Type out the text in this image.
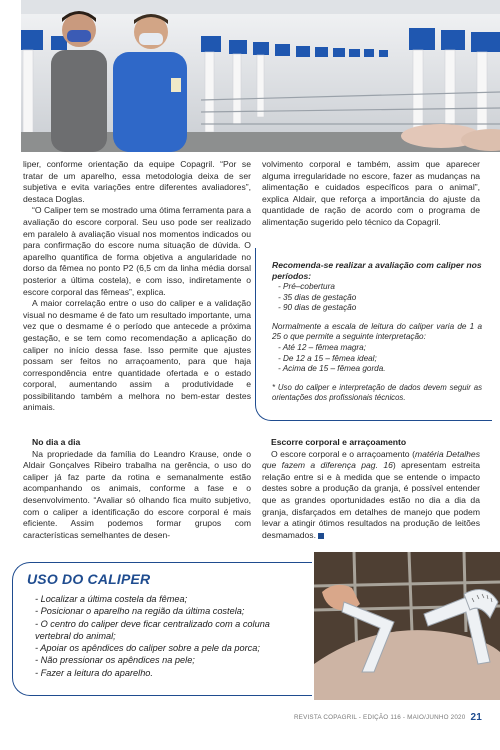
liper, conforme orientação da equipe Copagril. “Por se tratar de um aparelho, essa metodologia deixa de ser subjetiva e evita variações entre diferentes avaliadores”, destaca Doglas.

“O Caliper tem se mostrado uma ótima ferramenta para a avaliação do escore corporal. Seu uso pode ser realizado em paralelo à avaliação visual nos momentos indicados ou para confirmação do escore numa situação de dúvida. O aparelho quantifica de forma objetiva a angularidade no dorso da fêmea no ponto P2 (6,5 cm da linha média dorsal posterior a última costela), e com isso, indiretamente o escore corporal das fêmeas”, explica.

A maior correlação entre o uso do caliper e a validação visual no desmame é de fato um resultado importante, uma vez que o desmame é o período que antecede a próxima gestação, e se tem como recomendação a aplicação do caliper no início dessa fase. Isso permite que ajustes possam ser feitos no arraçoamento, para que haja correspondência entre quantidade ofertada e o estado corporal, aumentando assim a produtividade e possibilitando também a melhora no bem-estar destes animais.

volvimento corporal e também, assim que aparecer alguma irregularidade no escore, fazer as mudanças na alimentação e cuidados específicos para o animal”, explica Aldair, que reforça a importância do ajuste da quantidade de ração de acordo com o programa de alimentação sugerido pelo técnico da Copagril.

Recomenda-se realizar a avaliação com caliper nos períodos:
- Pré–cobertura
- 35 dias de gestação
- 90 dias de gestação
Normalmente a escala de leitura do caliper varia de 1 a 25 o que permite a seguinte interpretação:
- Até 12 – fêmea magra;
- De 12 a 15 – fêmea ideal;
- Acima de 15 – fêmea gorda.
* Uso do caliper e interpretação de dados devem seguir as orientações dos profissionais técnicos.

No dia a dia

Na propriedade da família do Leandro Krause, onde o Aldair Gonçalves Ribeiro trabalha na gerência, o uso do caliper já faz parte da rotina e semanalmente estão acompanhando os animais, conforme a fase e o desenvolvimento. “Avaliar só olhando fica muito subjetivo, com o caliper a identificação do escore corporal é mais eficiente. Assim podemos formar grupos com características semelhantes de desen-

Escorre corporal e arraçoamento

O escore corporal e o arraçoamento (matéria Detalhes que fazem a diferença pag. 16) apresentam estreita relação entre si e à medida que se entende o impacto destes sobre a produção da granja, é possível entender que as grandes oportunidades estão no dia a dia da granja, disfarçados em detalhes de manejo que podem levar a atingir ótimos resultados na produção de leitões desmamados.

USO DO CALIPER
- Localizar a última costela da fêmea;
- Posicionar o aparelho na região da última costela;
- O centro do caliper deve ficar centralizado com a coluna vertebral do animal;
- Apoiar os apêndices do caliper sobre a pele da porca;
- Não pressionar os apêndices na pele;
- Fazer a leitura do aparelho.
REVISTA COPAGRIL - EDIÇÃO 116 - MAIO/JUNHO 2020 21
